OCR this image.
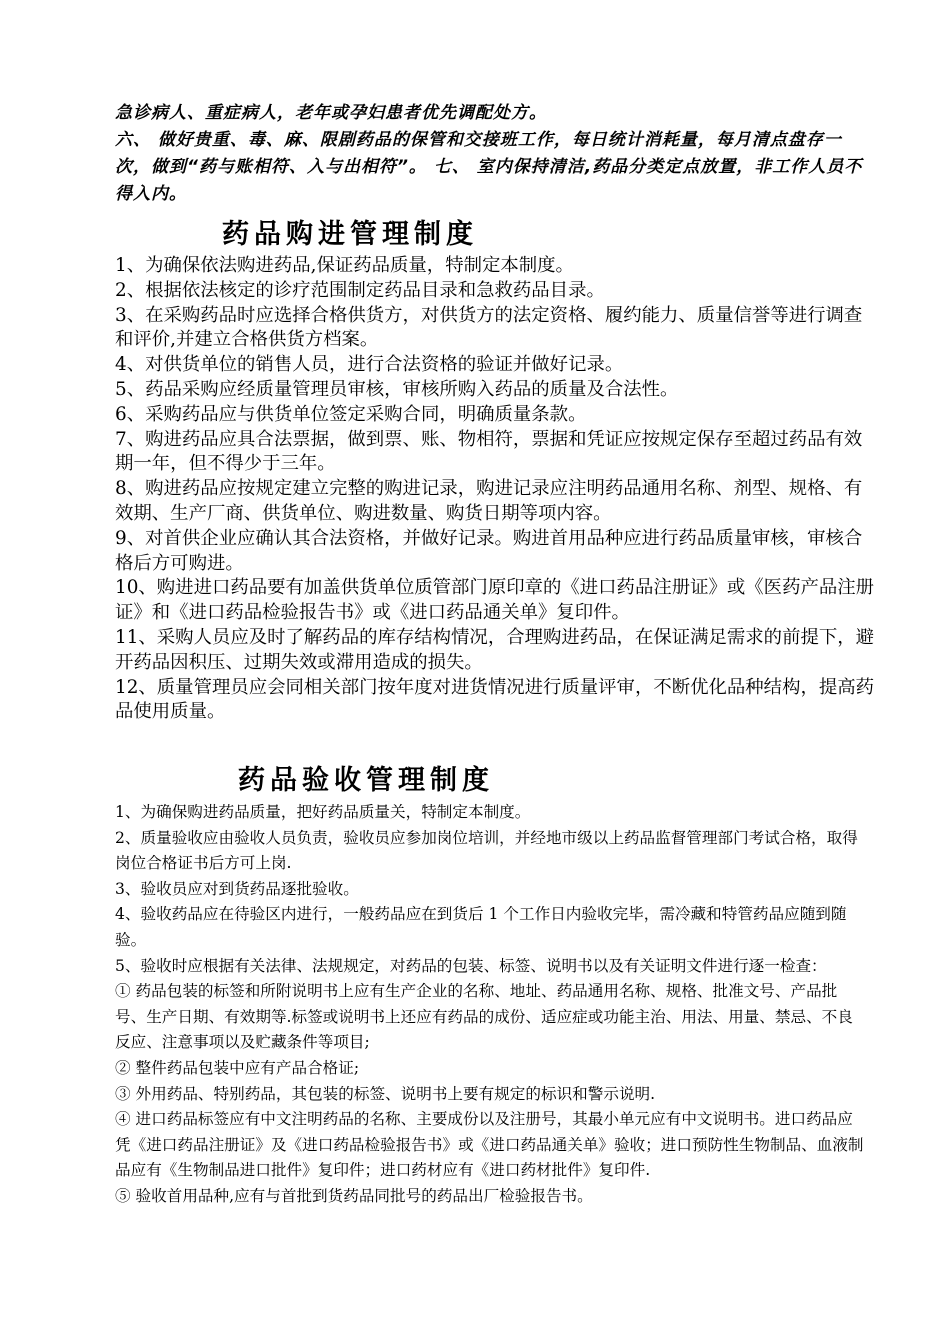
急诊病人、重症病人，老年或孕妇患者优先调配处方。

六、 做好贵重、毒、麻、限剧药品的保管和交接班工作，每日统计消耗量，每月清点盘存一次，做到“药与账相符、入与出相符”。 七、 室内保持清洁,药品分类定点放置，非工作人员不得入内。

药品购进管理制度

1、为确保依法购进药品,保证药品质量，特制定本制度。

2、根据依法核定的诊疗范围制定药品目录和急救药品目录。

3、在采购药品时应选择合格供货方，对供货方的法定资格、履约能力、质量信誉等进行调查和评价,并建立合格供货方档案。

4、对供货单位的销售人员，进行合法资格的验证并做好记录。

5、药品采购应经质量管理员审核，审核所购入药品的质量及合法性。

6、采购药品应与供货单位签定采购合同，明确质量条款。

7、购进药品应具合法票据，做到票、账、物相符，票据和凭证应按规定保存至超过药品有效期一年，但不得少于三年。

8、购进药品应按规定建立完整的购进记录，购进记录应注明药品通用名称、剂型、规格、有效期、生产厂商、供货单位、购进数量、购货日期等项内容。

9、对首供企业应确认其合法资格，并做好记录。购进首用品种应进行药品质量审核，审核合格后方可购进。

10、购进进口药品要有加盖供货单位质管部门原印章的《进口药品注册证》或《医药产品注册证》和《进口药品检验报告书》或《进口药品通关单》复印件。

11、采购人员应及时了解药品的库存结构情况，合理购进药品，在保证满足需求的前提下，避开药品因积压、过期失效或滞用造成的损失。

12、质量管理员应会同相关部门按年度对进货情况进行质量评审，不断优化品种结构，提高药品使用质量。

药品验收管理制度

1、为确保购进药品质量，把好药品质量关，特制定本制度。

2、质量验收应由验收人员负责，验收员应参加岗位培训，并经地市级以上药品监督管理部门考试合格，取得岗位合格证书后方可上岗.

3、验收员应对到货药品逐批验收。

4、验收药品应在待验区内进行，一般药品应在到货后 1 个工作日内验收完毕，需冷藏和特管药品应随到随验。

5、验收时应根据有关法律、法规规定，对药品的包装、标签、说明书以及有关证明文件进行逐一检查：

① 药品包装的标签和所附说明书上应有生产企业的名称、地址、药品通用名称、规格、批准文号、产品批号、生产日期、有效期等.标签或说明书上还应有药品的成份、适应症或功能主治、用法、用量、禁忌、不良反应、注意事项以及贮藏条件等项目;

② 整件药品包装中应有产品合格证;

③ 外用药品、特别药品，其包装的标签、说明书上要有规定的标识和警示说明.

④ 进口药品标签应有中文注明药品的名称、主要成份以及注册号，其最小单元应有中文说明书。进口药品应凭《进口药品注册证》及《进口药品检验报告书》或《进口药品通关单》验收；进口预防性生物制品、血液制品应有《生物制品进口批件》复印件；进口药材应有《进口药材批件》复印件.

⑤ 验收首用品种,应有与首批到货药品同批号的药品出厂检验报告书。
